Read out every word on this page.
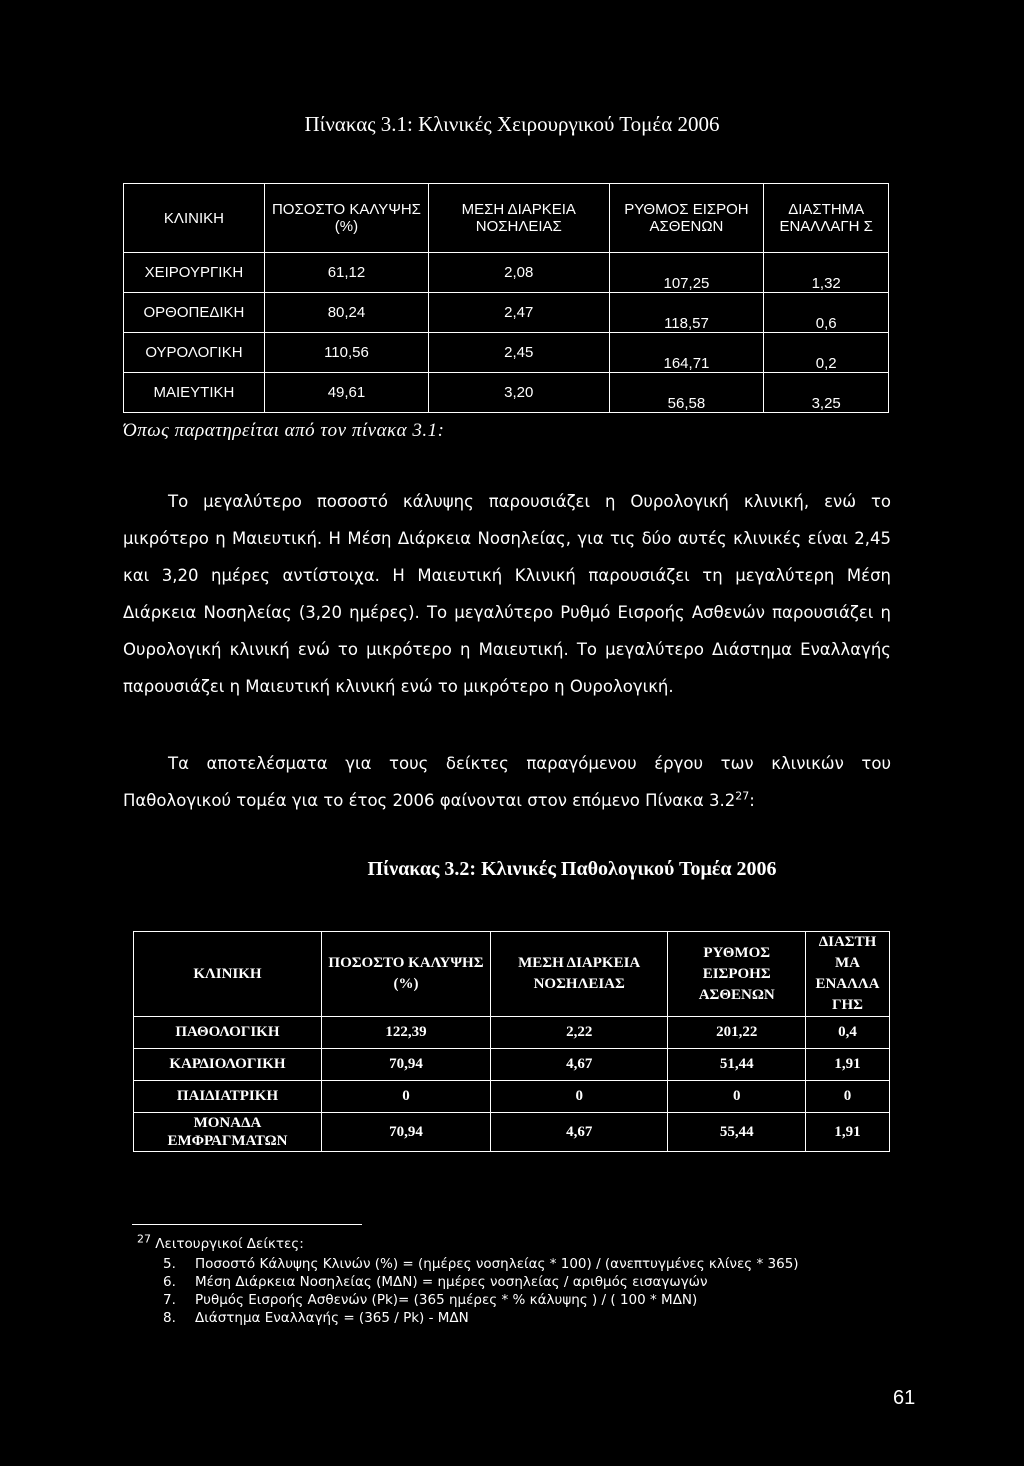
Πίνακας 3.1: Κλινικές Χειρουργικού Τομέα 2006
ΚΛΙΝΙΚΗ	ΠΟΣΟΣΤΟ ΚΑΛΥΨΗΣ (%)	ΜΕΣΗ ΔΙΑΡΚΕΙΑ ΝΟΣΗΛΕΙΑΣ	ΡΥΘΜΟΣ ΕΙΣΡΟΗ ΑΣΘΕΝΩΝ	ΔΙΑΣΤΗΜΑ ΕΝΑΛΛΑΓΗ Σ
ΧΕΙΡΟΥΡΓΙΚΗ	61,12	2,08	107,25	1,32
ΟΡΘΟΠΕΔΙΚΗ	80,24	2,47	118,57	0,6
ΟΥΡΟΛΟΓΙΚΗ	110,56	2,45	164,71	0,2
ΜΑΙΕΥΤΙΚΗ	49,61	3,20	56,58	3,25
Όπως παρατηρείται από τον πίνακα 3.1:
Το μεγαλύτερο ποσοστό κάλυψης παρουσιάζει η Ουρολογική κλινική, ενώ το μικρότερο η Μαιευτική. Η Μέση Διάρκεια Νοσηλείας, για τις δύο αυτές κλινικές είναι 2,45 και 3,20 ημέρες αντίστοιχα. Η Μαιευτική Κλινική παρουσιάζει τη μεγαλύτερη Μέση Διάρκεια Νοσηλείας (3,20 ημέρες). Το μεγαλύτερο Ρυθμό Εισροής Ασθενών παρουσιάζει η Ουρολογική κλινική ενώ το μικρότερο η Μαιευτική. Το μεγαλύτερο Διάστημα Εναλλαγής παρουσιάζει η Μαιευτική κλινική ενώ το μικρότερο η Ουρολογική.
Τα αποτελέσματα για τους δείκτες παραγόμενου έργου των κλινικών του Παθολογικού τομέα για το έτος 2006 φαίνονται στον επόμενο Πίνακα $3.2^{27}$:
Πίνακας 3.2: Κλινικές Παθολογικού Τομέα 2006
ΚΛΙΝΙΚΗ	ΠΟΣΟΣΤΟ ΚΑΛΥΨΗΣ (%)	ΜΕΣΗ ΔΙΑΡΚΕΙΑ ΝΟΣΗΛΕΙΑΣ	ΡΥΘΜΟΣ ΕΙΣΡΟΗΣ ΑΣΘΕΝΩΝ	ΔΙΑΣΤΗ ΜΑ ΕΝΑΛΛΑ ΓΗΣ
ΠΑΘΟΛΟΓΙΚΗ	122,39	2,22	201,22	0,4
ΚΑΡΔΙΟΛΟΓΙΚΗ	70,94	4,67	51,44	1,91
ΠΑΙΔΙΑΤΡΙΚΗ	0	0	0	0
ΜΟΝΑΔΑ ΕΜΦΡΑΓΜΑΤΩΝ	70,94	4,67	55,44	1,91
$^{27}$ Λειτουργικοί Δείκτες:
5.	Ποσοστό Κάλυψης Κλινών (%) = (ημέρες νοσηλείας * 100) / (ανεπτυγμένες κλίνες * 365)
6.	Μέση Διάρκεια Νοσηλείας (ΜΔΝ) = ημέρες νοσηλείας / αριθμός εισαγωγών
7.	Ρυθμός Εισροής Ασθενών (Pk)= (365 ημέρες * % κάλυψης ) / ( 100 * ΜΔΝ)
8.	Διάστημα Εναλλαγής = (365 / Pk) - ΜΔΝ
61
